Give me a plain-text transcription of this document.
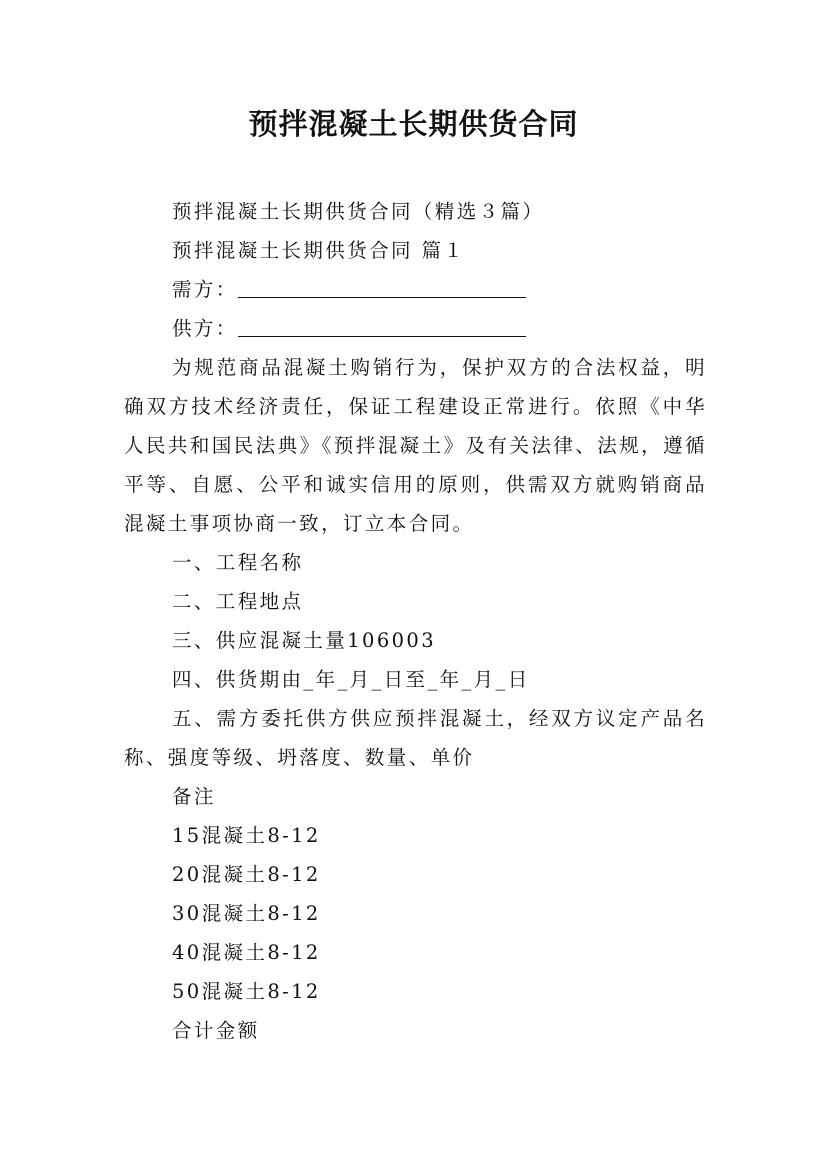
预拌混凝土长期供货合同

预拌混凝土长期供货合同（精选３篇）

预拌混凝土长期供货合同 篇１

需方：

供方：

为规范商品混凝土购销行为，保护双方的合法权益，明确双方技术经济责任，保证工程建设正常进行。依照《中华人民共和国民法典》《预拌混凝土》及有关法律、法规，遵循平等、自愿、公平和诚实信用的原则，供需双方就购销商品混凝土事项协商一致，订立本合同。

一、工程名称

二、工程地点

三、供应混凝土量106003

四、供货期由_年_月_日至_年_月_日

五、需方委托供方供应预拌混凝土，经双方议定产品名称、强度等级、坍落度、数量、单价

备注

15混凝土8-12

20混凝土8-12

30混凝土8-12

40混凝土8-12

50混凝土8-12

合计金额
